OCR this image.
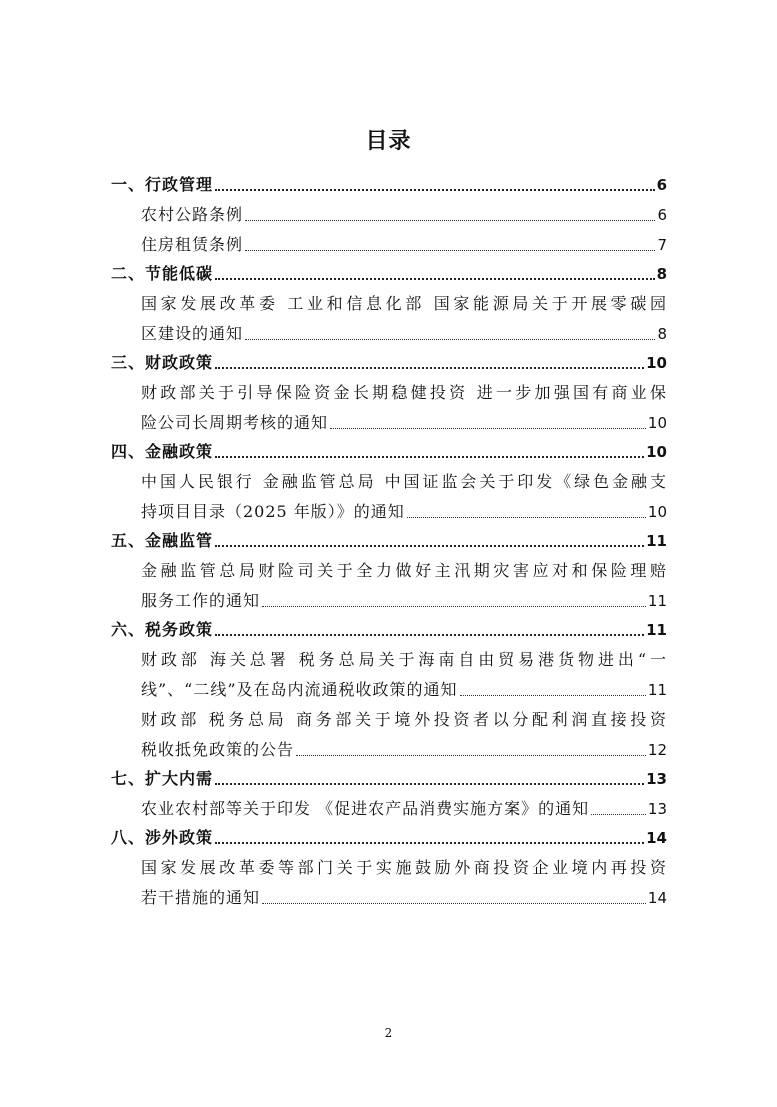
目录
一、行政管理	6
农村公路条例	6
住房租赁条例	7
二、节能低碳	8
国家发展改革委 工业和信息化部 国家能源局关于开展零碳园
区建设的通知	8
三、财政政策	10
财政部关于引导保险资金长期稳健投资 进一步加强国有商业保
险公司长周期考核的通知	10
四、金融政策	10
中国人民银行 金融监管总局 中国证监会关于印发《绿色金融支
持项目目录（2025 年版）》的通知	10
五、金融监管	11
金融监管总局财险司关于全力做好主汛期灾害应对和保险理赔
服务工作的通知	11
六、税务政策	11
财政部 海关总署 税务总局关于海南自由贸易港货物进出“一
线”、“二线”及在岛内流通税收政策的通知	11
财政部 税务总局 商务部关于境外投资者以分配利润直接投资
税收抵免政策的公告	12
七、扩大内需	13
农业农村部等关于印发 《促进农产品消费实施方案》的通知	13
八、涉外政策	14
国家发展改革委等部门关于实施鼓励外商投资企业境内再投资
若干措施的通知	14
2
